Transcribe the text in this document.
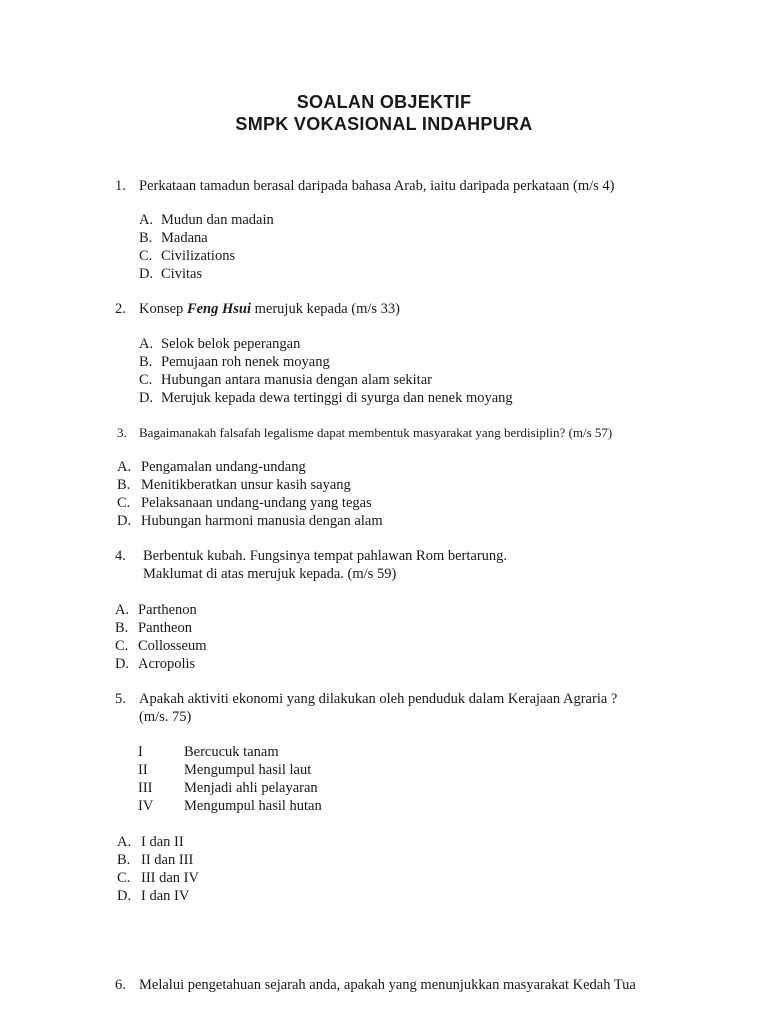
SOALAN OBJEKTIF
SMPK VOKASIONAL INDAHPURA
1. Perkataan tamadun berasal daripada bahasa Arab, iaitu daripada perkataan (m/s 4)
A. Mudun dan madain
B. Madana
C. Civilizations
D. Civitas
2. Konsep Feng Hsui merujuk kepada (m/s 33)
A. Selok belok peperangan
B. Pemujaan roh nenek moyang
C. Hubungan antara manusia dengan alam sekitar
D. Merujuk kepada dewa tertinggi di syurga dan nenek moyang
3. Bagaimanakah falsafah legalisme dapat membentuk masyarakat yang berdisiplin? (m/s 57)
A. Pengamalan undang-undang
B. Menitikberatkan unsur kasih sayang
C. Pelaksanaan undang-undang yang tegas
D. Hubungan harmoni manusia dengan alam
4. Berbentuk kubah. Fungsinya tempat pahlawan Rom bertarung.
Maklumat di atas merujuk kepada. (m/s 59)
A. Parthenon
B. Pantheon
C. Collosseum
D. Acropolis
5. Apakah aktiviti ekonomi yang dilakukan oleh penduduk dalam Kerajaan Agraria ?
(m/s. 75)
I	Bercucuk tanam
II	Mengumpul hasil laut
III Menjadi ahli pelayaran
IV Mengumpul hasil hutan
A. I dan II
B. II dan III
C. III dan IV
D. I dan IV
6. Melalui pengetahuan sejarah anda, apakah yang menunjukkan masyarakat Kedah Tua
